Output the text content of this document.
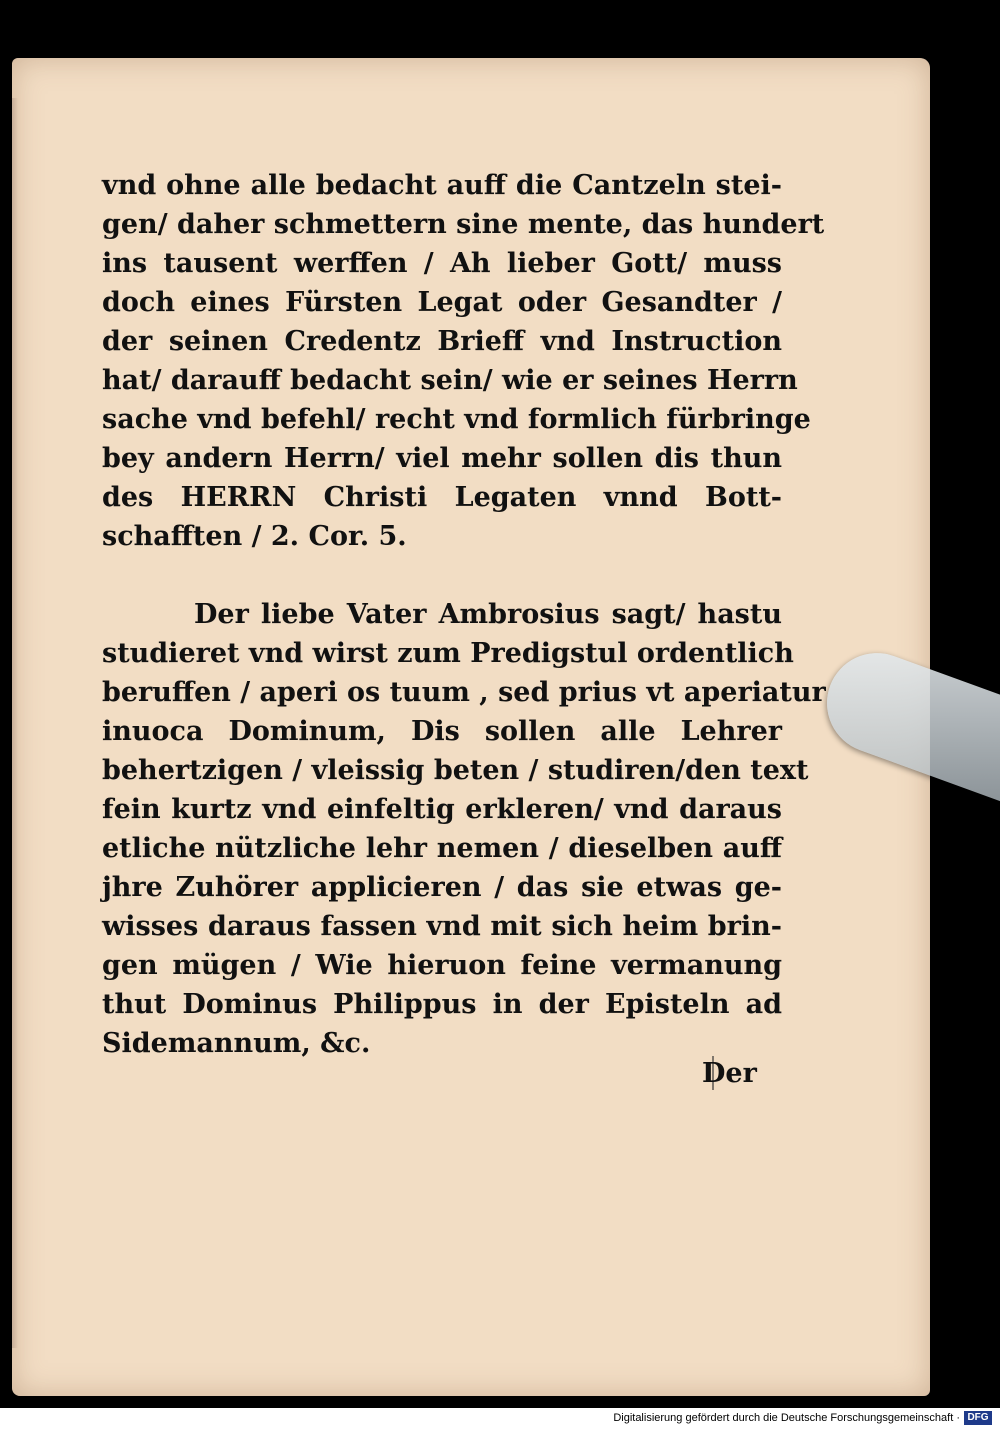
vnd ohne alle bedacht auff die Cantzeln stei-
gen/ daher schmettern sine mente, das hundert
ins tausent werffen / Ah lieber Gott/ muss
doch eines Fürsten Legat oder Gesandter /
der seinen Credentz Brieff vnd Instruction
hat/ darauff bedacht sein/ wie er seines Herrn
sache vnd befehl/ recht vnd formlich fürbringe
bey andern Herrn/ viel mehr sollen dis thun
des HERRN Christi Legaten vnnd Bott-
schafften / 2. Cor. 5.
Der liebe Vater Ambrosius sagt/ hastu
studieret vnd wirst zum Predigstul ordentlich
beruffen / aperi os tuum , sed prius vt aperiatur
inuoca Dominum, Dis sollen alle Lehrer
behertzigen / vleissig beten / studiren/den text
fein kurtz vnd einfeltig erkleren/ vnd daraus
etliche nützliche lehr nemen / dieselben auff
jhre Zuhörer applicieren / das sie etwas ge-
wisses daraus fassen vnd mit sich heim brin-
gen mügen / Wie hieruon feine vermanung
thut Dominus Philippus in der Episteln ad
Sidemannum, &c.
Der
Digitalisierung gefördert durch die Deutsche Forschungsgemeinschaft · DFG
